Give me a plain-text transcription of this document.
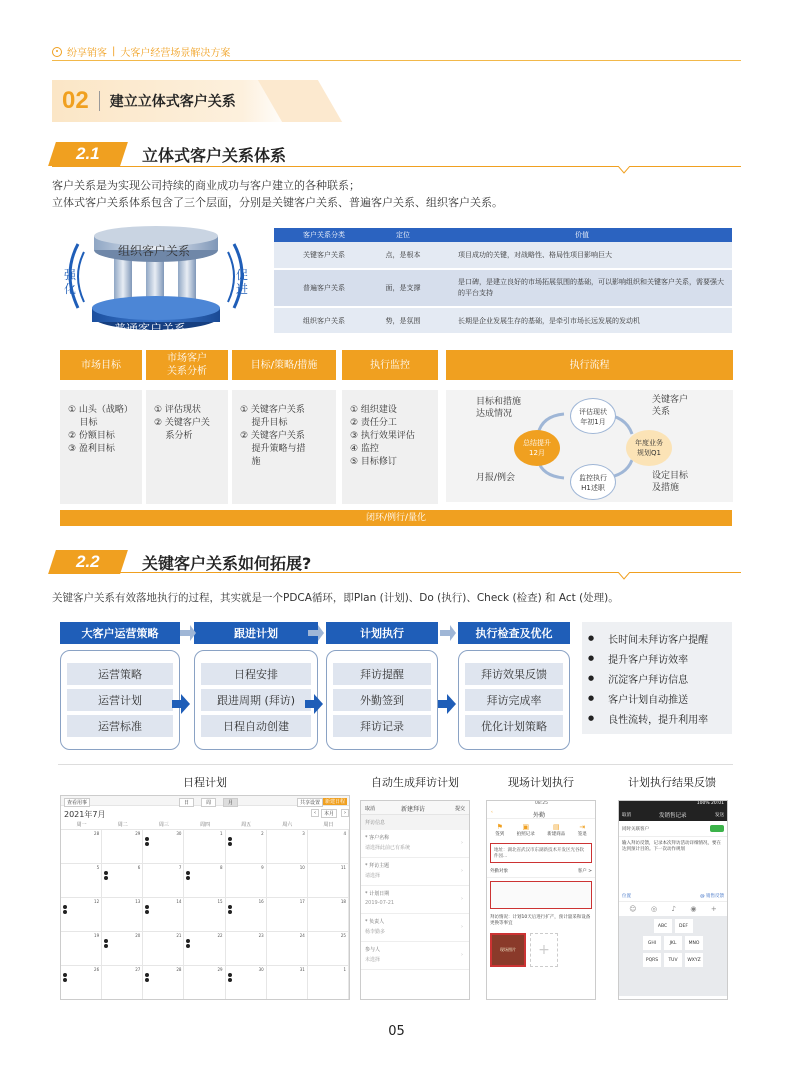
纷享销客 | 大客户经营场景解决方案
02 建立立体式客户关系
2.1	立体式客户关系体系
客户关系是为实现公司持续的商业成功与客户建立的各种联系；
立体式客户关系体系包含了三个层面，分别是关键客户关系、普遍客户关系、组织客户关系。
组织客户关系
普通客户关系
强
化
促
进
客户关系分类	定位	价值
关键客户关系	点，是根本	项目成功的关键，对战略性、格局性项目影响巨大
普遍客户关系	面，是支撑	是口碑，是建立良好的市场拓展氛围的基础，可以影响组织和关键客户关系，需要强大的平台支持
组织客户关系	势，是氛围	长期是企业发展生存的基础，是牵引市场长远发展的发动机
市场目标
① 山头（战略）
目标
② 份额目标
③ 盈利目标
市场客户
关系分析
① 评估现状
② 关键客户关
系分析
目标/策略/措施
① 关键客户关系
提升目标
② 关键客户关系
提升策略与措
施
执行监控
① 组织建设
② 责任分工
③ 执行效果评估
④ 监控
⑤ 目标修订
执行流程
评估现状
年初1月
总结提升
12月
年度业务
规划Q1
监控执行
H1述职
目标和措施
达成情况
关键客户
关系
月报/例会	设定目标
及措施
闭环/例行/量化
2.2	关键客户关系如何拓展?
关键客户关系有效落地执行的过程，其实就是一个PDCA循环，即Plan (计划)、Do (执行)、Check (检查) 和 Act (处理)。
大客户运营策略
运营策略
运营计划
运营标准
跟进计划
日程安排
跟进周期 (拜访)
日程自动创建
计划执行
拜访提醒
外勤签到
拜访记录
执行检查及优化
拜访效果反馈
拜访完成率
优化计划策略
● 长时间未拜访客户提醒
● 提升客户拜访效率
● 沉淀客户拜访信息
● 客户计划自动推送
● 良性流转，提升利用率
日程计划	自动生成拜访计划	现场计划执行	计划执行结果反馈
查看用事	日	周	月	共享设置 新建日程
2021年7月	‹	本月	›
周一	周二	周三	周四	周五	周六	周日
28	29	30	1	2	3	4
5	6	7	8	9	10	11
12	13	14	15	16	17	18
19	20	21	22	23	24	25
26	27	28	29	30	31	1
取消	新建拜访	提交
拜访信息
* 客户名称
请选择此前已有系统
›
* 拜访主题
请选择
›
* 计划日期
2019-07-21
›
* 负责人
杨李勤多
›
参与人
未选择
›
08:25
‹	外勤
⚑
签到
▣
拍照记录
▤
新建商品
⇥
签退
地址：湖北省武汉市东湖新技术开发区光谷软件园...
外勤对象	客户 >
拜访情况：计划10天后进行扩产，预计量采和设备更换等事宜
现场图片	+
100% 20:01
取消	发销售记录	发送
同时关联客户
输入拜访反馈，记录本次拜访活动详细情况，要在达到预计目的。下一次动作规划
位置	@ 销售反馈
☺ ◎ ♪ ◉ +
ABC	DEF
GHI	JKL	MNO
PQRS	TUV	WXYZ
05
